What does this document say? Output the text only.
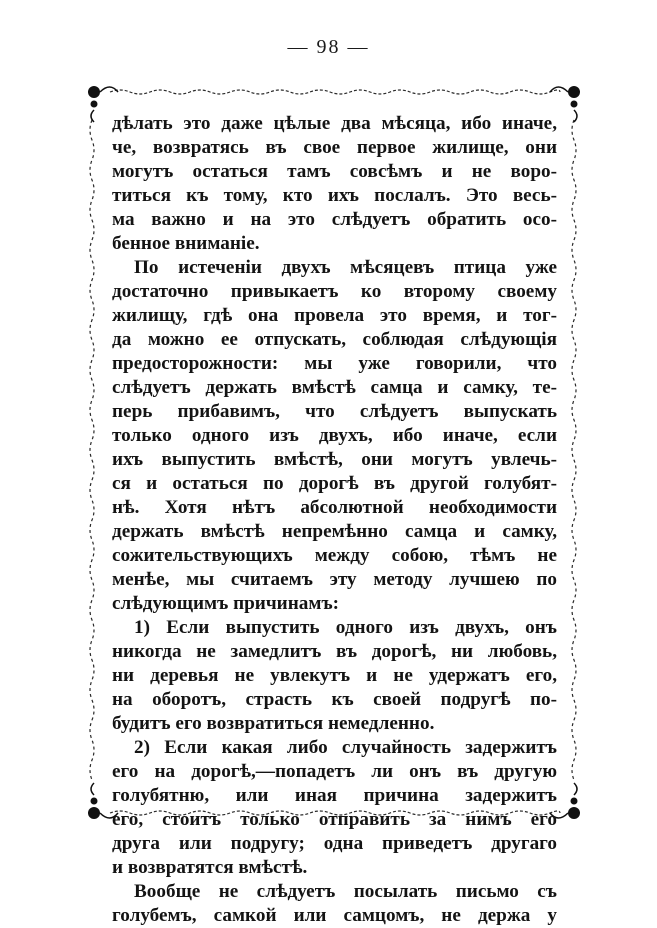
— 98 —
дѣлать это даже цѣлые два мѣсяца, ибо иначе,
че, возвратясь въ свое первое жилище, они
могутъ остаться тамъ совсѣмъ и не воро-
титься къ тому, кто ихъ послалъ. Это весь-
ма важно и на это слѣдуетъ обратить осо-
бенное вниманіе.
По истеченіи двухъ мѣсяцевъ птица уже
достаточно привыкаетъ ко второму своему
жилищу, гдѣ она провела это время, и тог-
да можно ее отпускать, соблюдая слѣдующія
предосторожности: мы уже говорили, что
слѣдуетъ держать вмѣстѣ самца и самку, те-
перь прибавимъ, что слѣдуетъ выпускать
только одного изъ двухъ, ибо иначе, если
ихъ выпустить вмѣстѣ, они могутъ увлечь-
ся и остаться по дорогѣ въ другой голубят-
нѣ. Хотя нѣтъ абсолютной необходимости
держать вмѣстѣ непремѣнно самца и самку,
сожительствующихъ между собою, тѣмъ не
менѣе, мы считаемъ эту методу лучшею по
слѣдующимъ причинамъ:
1) Если выпустить одного изъ двухъ, онъ
никогда не замедлитъ въ дорогѣ, ни любовь,
ни деревья не увлекутъ и не удержатъ его,
на оборотъ, страсть къ своей подругѣ по-
будитъ его возвратиться немедленно.
2) Если какая либо случайность задержитъ
его на дорогѣ,—попадетъ ли онъ въ другую
голубятню, или иная причина задержитъ
его, стоитъ только отправить за нимъ его
друга или подругу; одна приведетъ другаго
и возвратятся вмѣстѣ.
Вообще не слѣдуетъ посылать письмо съ
голубемъ, самкой или самцомъ, не держа у
